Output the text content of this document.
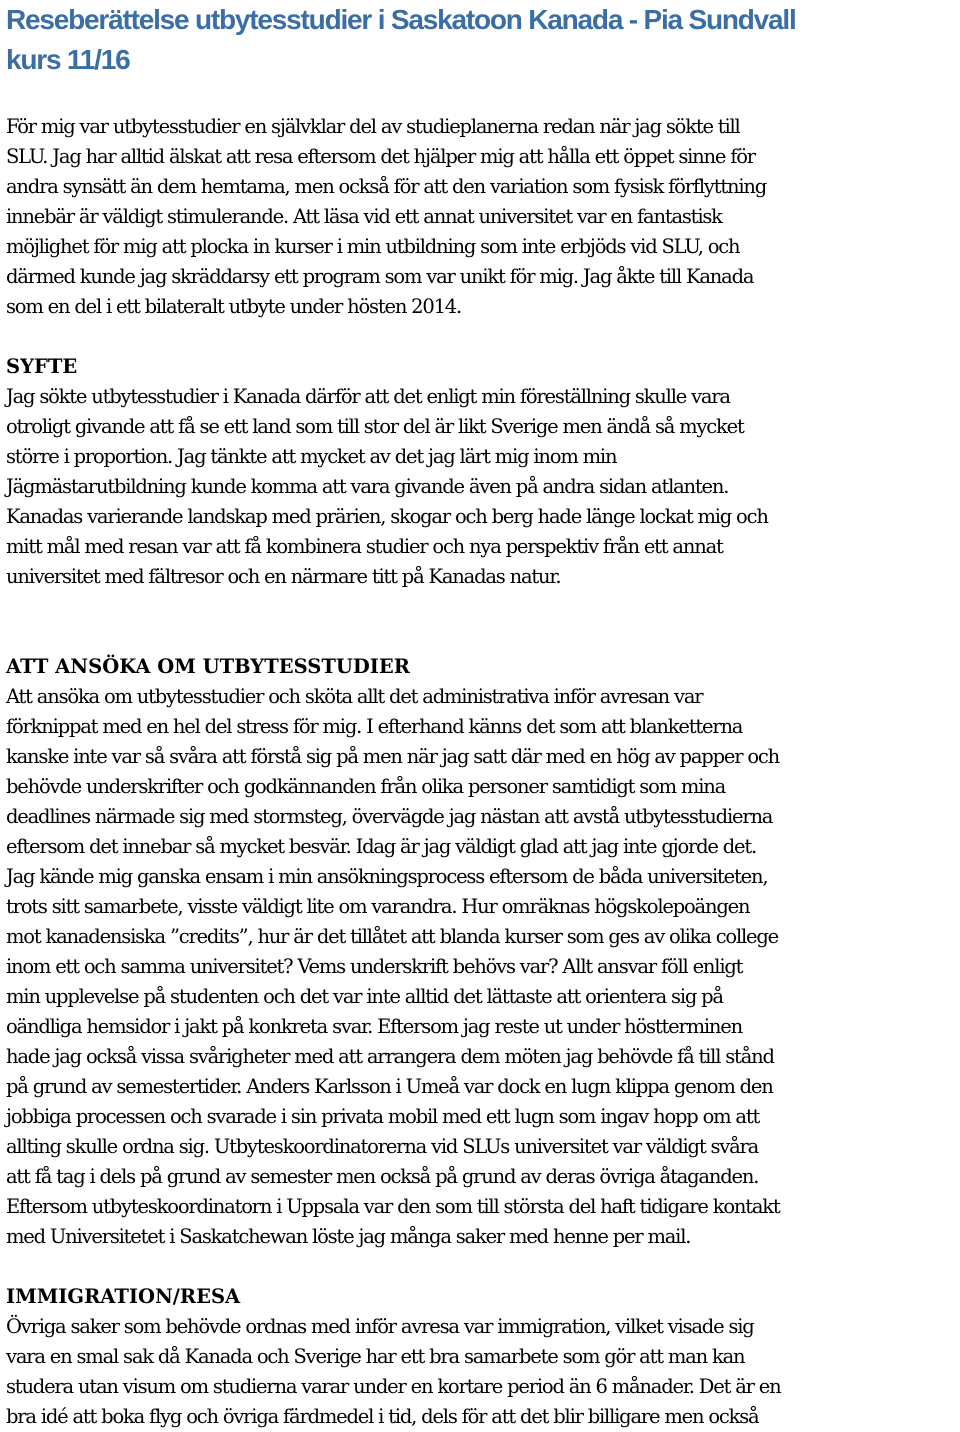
Reseberättelse utbytesstudier i Saskatoon Kanada - Pia Sundvall
kurs 11/16

För mig var utbytesstudier en självklar del av studieplanerna redan när jag sökte till
SLU. Jag har alltid älskat att resa eftersom det hjälper mig att hålla ett öppet sinne för
andra synsätt än dem hemtama, men också för att den variation som fysisk förflyttning
innebär är väldigt stimulerande. Att läsa vid ett annat universitet var en fantastisk
möjlighet för mig att plocka in kurser i min utbildning som inte erbjöds vid SLU, och
därmed kunde jag skräddarsy ett program som var unikt för mig. Jag åkte till Kanada
som en del i ett bilateralt utbyte under hösten 2014.

SYFTE

Jag sökte utbytesstudier i Kanada därför att det enligt min föreställning skulle vara
otroligt givande att få se ett land som till stor del är likt Sverige men ändå så mycket
större i proportion. Jag tänkte att mycket av det jag lärt mig inom min
Jägmästarutbildning kunde komma att vara givande även på andra sidan atlanten.
Kanadas varierande landskap med prärien, skogar och berg hade länge lockat mig och
mitt mål med resan var att få kombinera studier och nya perspektiv från ett annat
universitet med fältresor och en närmare titt på Kanadas natur.

ATT ANSÖKA OM UTBYTESSTUDIER

Att ansöka om utbytesstudier och sköta allt det administrativa inför avresan var
förknippat med en hel del stress för mig. I efterhand känns det som att blanketterna
kanske inte var så svåra att förstå sig på men när jag satt där med en hög av papper och
behövde underskrifter och godkännanden från olika personer samtidigt som mina
deadlines närmade sig med stormsteg, övervägde jag nästan att avstå utbytesstudierna
eftersom det innebar så mycket besvär. Idag är jag väldigt glad att jag inte gjorde det.
Jag kände mig ganska ensam i min ansökningsprocess eftersom de båda universiteten,
trots sitt samarbete, visste väldigt lite om varandra. Hur omräknas högskolepoängen
mot kanadensiska ”credits”, hur är det tillåtet att blanda kurser som ges av olika college
inom ett och samma universitet? Vems underskrift behövs var? Allt ansvar föll enligt
min upplevelse på studenten och det var inte alltid det lättaste att orientera sig på
oändliga hemsidor i jakt på konkreta svar. Eftersom jag reste ut under höstterminen
hade jag också vissa svårigheter med att arrangera dem möten jag behövde få till stånd
på grund av semestertider. Anders Karlsson i Umeå var dock en lugn klippa genom den
jobbiga processen och svarade i sin privata mobil med ett lugn som ingav hopp om att
allting skulle ordna sig. Utbyteskoordinatorerna vid SLUs universitet var väldigt svåra
att få tag i dels på grund av semester men också på grund av deras övriga åtaganden.
Eftersom utbyteskoordinatorn i Uppsala var den som till största del haft tidigare kontakt
med Universitetet i Saskatchewan löste jag många saker med henne per mail.

IMMIGRATION/RESA

Övriga saker som behövde ordnas med inför avresa var immigration, vilket visade sig
vara en smal sak då Kanada och Sverige har ett bra samarbete som gör att man kan
studera utan visum om studierna varar under en kortare period än 6 månader. Det är en
bra idé att boka flyg och övriga färdmedel i tid, dels för att det blir billigare men också
